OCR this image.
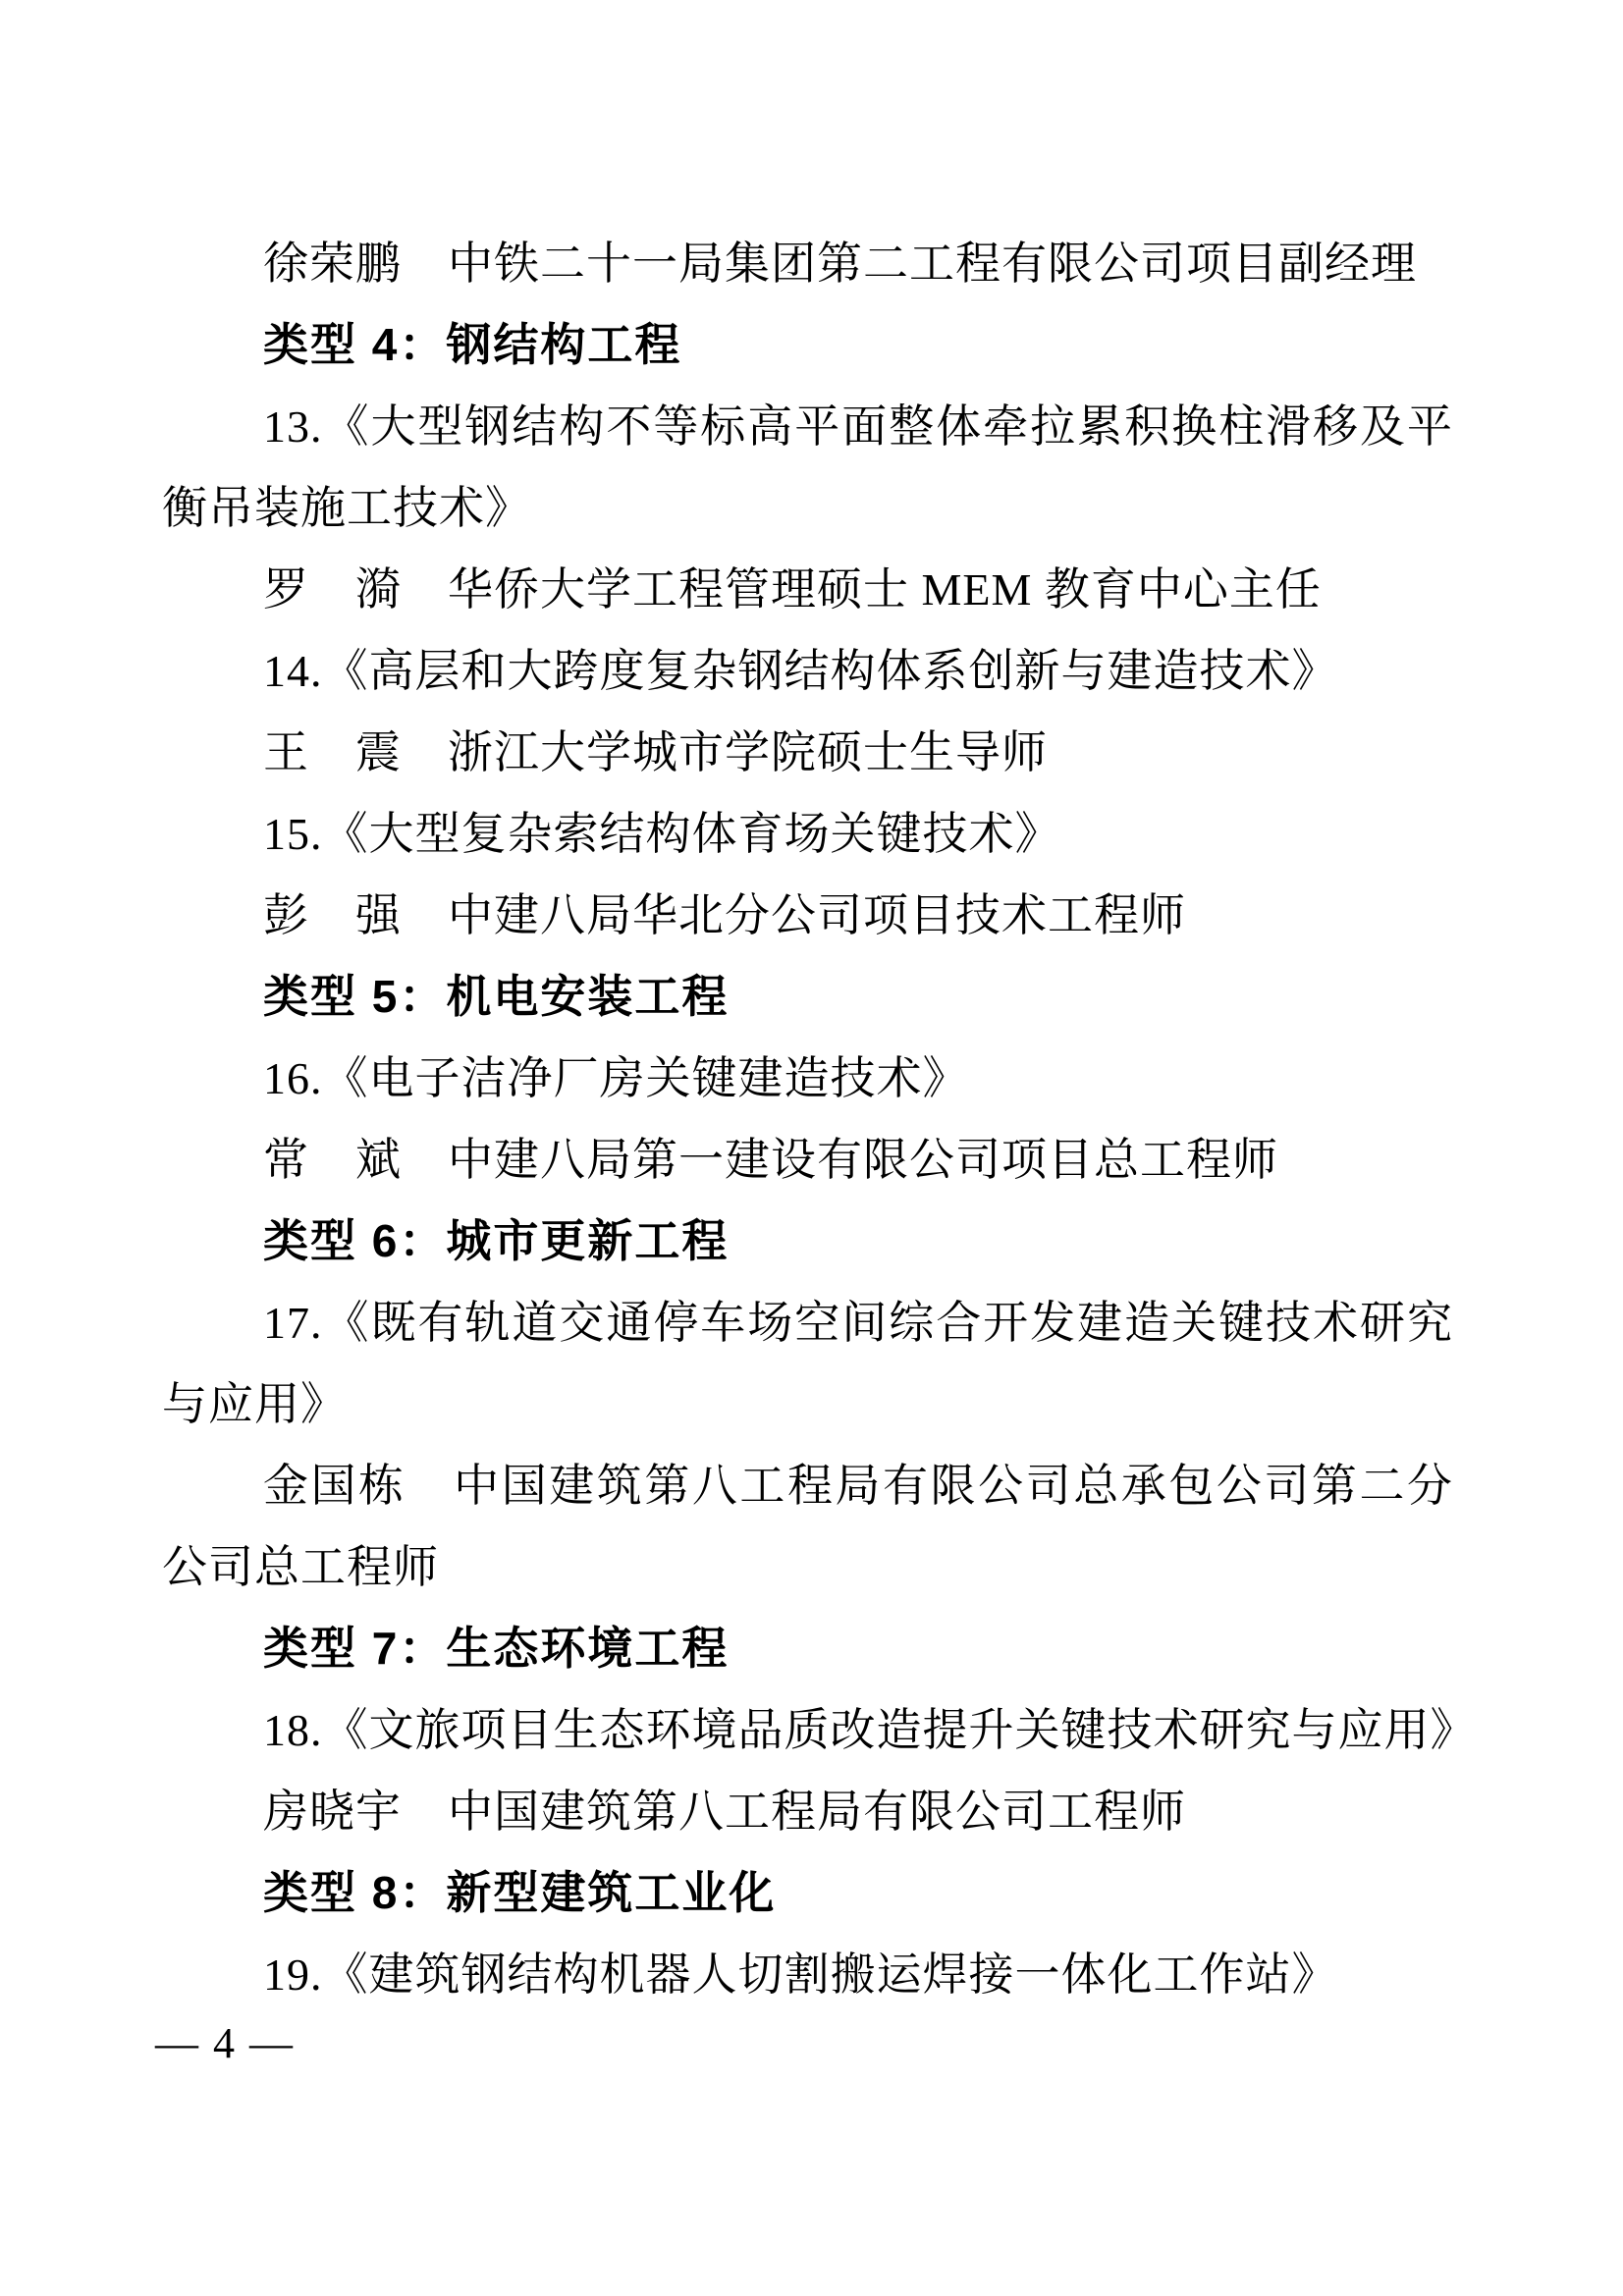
徐荣鹏　中铁二十一局集团第二工程有限公司项目副经理
类型 4：钢结构工程
13.《大型钢结构不等标高平面整体牵拉累积换柱滑移及平
衡吊装施工技术》
罗　漪　华侨大学工程管理硕士 MEM 教育中心主任
14.《高层和大跨度复杂钢结构体系创新与建造技术》
王　震　浙江大学城市学院硕士生导师
15.《大型复杂索结构体育场关键技术》
彭　强　中建八局华北分公司项目技术工程师
类型 5：机电安装工程
16.《电子洁净厂房关键建造技术》
常　斌　中建八局第一建设有限公司项目总工程师
类型 6：城市更新工程
17.《既有轨道交通停车场空间综合开发建造关键技术研究
与应用》
金国栋　中国建筑第八工程局有限公司总承包公司第二分
公司总工程师
类型 7：生态环境工程
18.《文旅项目生态环境品质改造提升关键技术研究与应用》
房晓宇　中国建筑第八工程局有限公司工程师
类型 8：新型建筑工业化
19.《建筑钢结构机器人切割搬运焊接一体化工作站》
— 4 —
